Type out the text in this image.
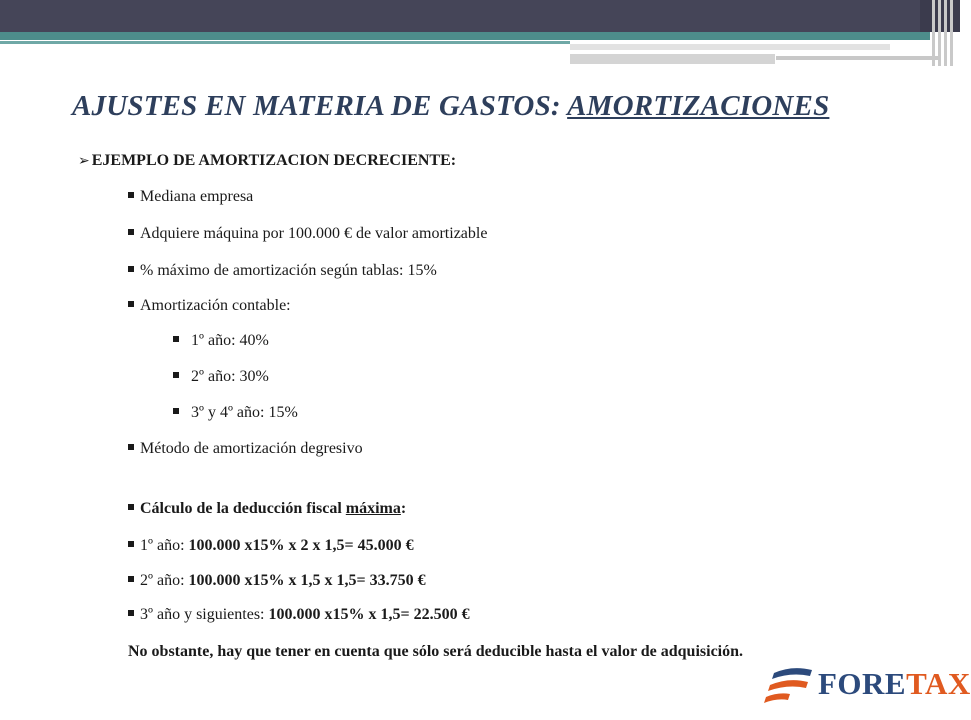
AJUSTES EN MATERIA DE GASTOS: AMORTIZACIONES
➢ EJEMPLO DE AMORTIZACION DECRECIENTE:
Mediana empresa
Adquiere máquina por 100.000 € de valor amortizable
% máximo de amortización según tablas: 15%
Amortización contable:
1º año: 40%
2º año: 30%
3º y 4º año: 15%
Método de amortización degresivo
Cálculo de la deducción fiscal máxima:
1º año: 100.000 x15% x 2 x 1,5= 45.000 €
2º año: 100.000 x15% x 1,5 x 1,5= 33.750 €
3º año y siguientes: 100.000 x15% x 1,5= 22.500 €
No obstante, hay que tener en cuenta que sólo será deducible hasta el valor de adquisición.
FORETAX
